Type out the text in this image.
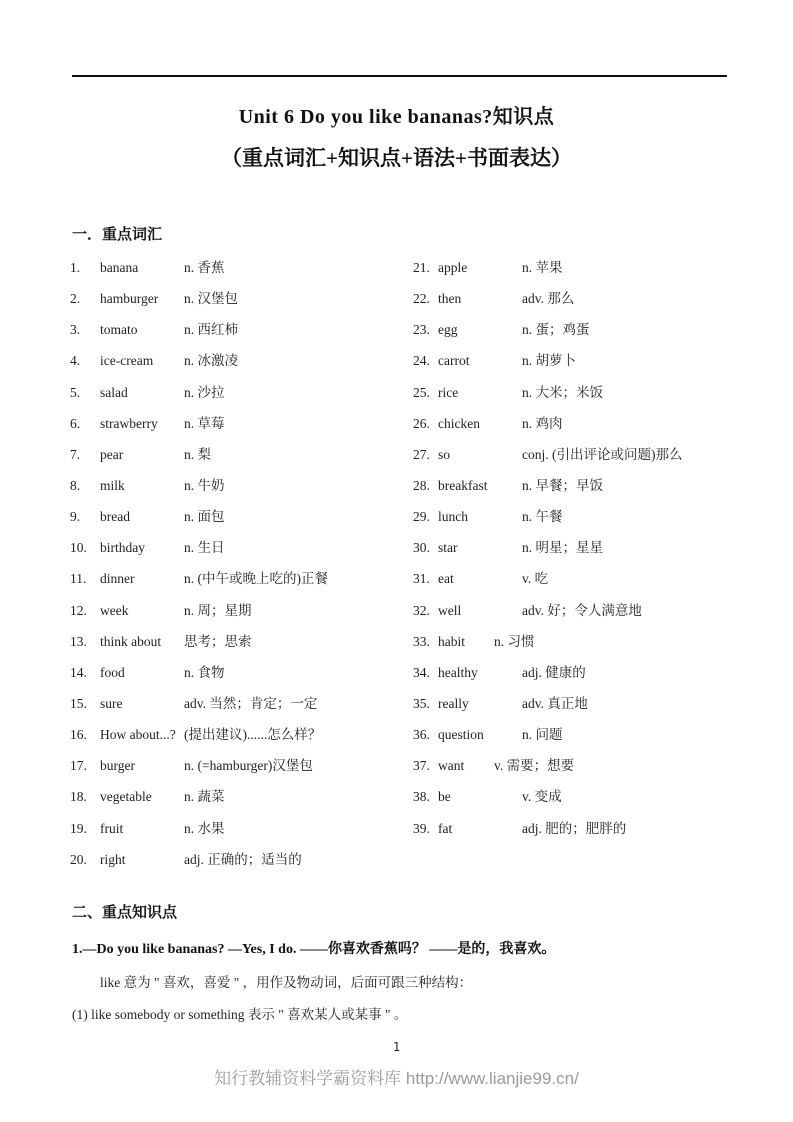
Unit 6 Do you like bananas?知识点
（重点词汇+知识点+语法+书面表达）
一．重点词汇
1.	banana	n. 香蕉
2.	hamburger	n. 汉堡包
3.	tomato	n. 西红柿
4.	ice-cream	n. 冰激凌
5.	salad	n. 沙拉
6.	strawberry	n. 草莓
7.	pear	n. 梨
8.	milk	n. 牛奶
9.	bread	n. 面包
10. birthday	n. 生日
11.	dinner	n. (中午或晚上吃的)正餐
12. week	n. 周；星期
13. think about	思考；思索
14. food	n. 食物
15. sure	adv. 当然；肯定；一定
16. How about...? (提出建议)......怎么样？
17. burger	n. (=hamburger)汉堡包
18. vegetable	n. 蔬菜
19. fruit	n. 水果
20. right	adj. 正确的；适当的
21. apple	n. 苹果
22. then	adv. 那么
23. egg	n. 蛋；鸡蛋
24. carrot	n. 胡萝卜
25. rice	n. 大米；米饭
26. chicken	n. 鸡肉
27. so	conj. (引出评论或问题)那么
28. breakfast	n. 早餐；早饭
29. lunch	n. 午餐
30. star	n. 明星；星星
31. eat	v. 吃
32. well	adv. 好；令人满意地
33. habit	n. 习惯
34. healthy	adj. 健康的
35. really	adv. 真正地
36. question	n. 问题
37. want	v. 需要；想要
38. be	v. 变成
39. fat	adj. 肥的；肥胖的
二、重点知识点
1.—Do you like bananas? —Yes, I do. ——你喜欢香蕉吗？ ——是的，我喜欢。
like 意为 " 喜欢，喜爱 " ，用作及物动词，后面可跟三种结构：
(1) like somebody or something 表示 " 喜欢某人或某事 " 。
1
知行教辅资料学霸资料库 http://www.lianjie99.cn/
